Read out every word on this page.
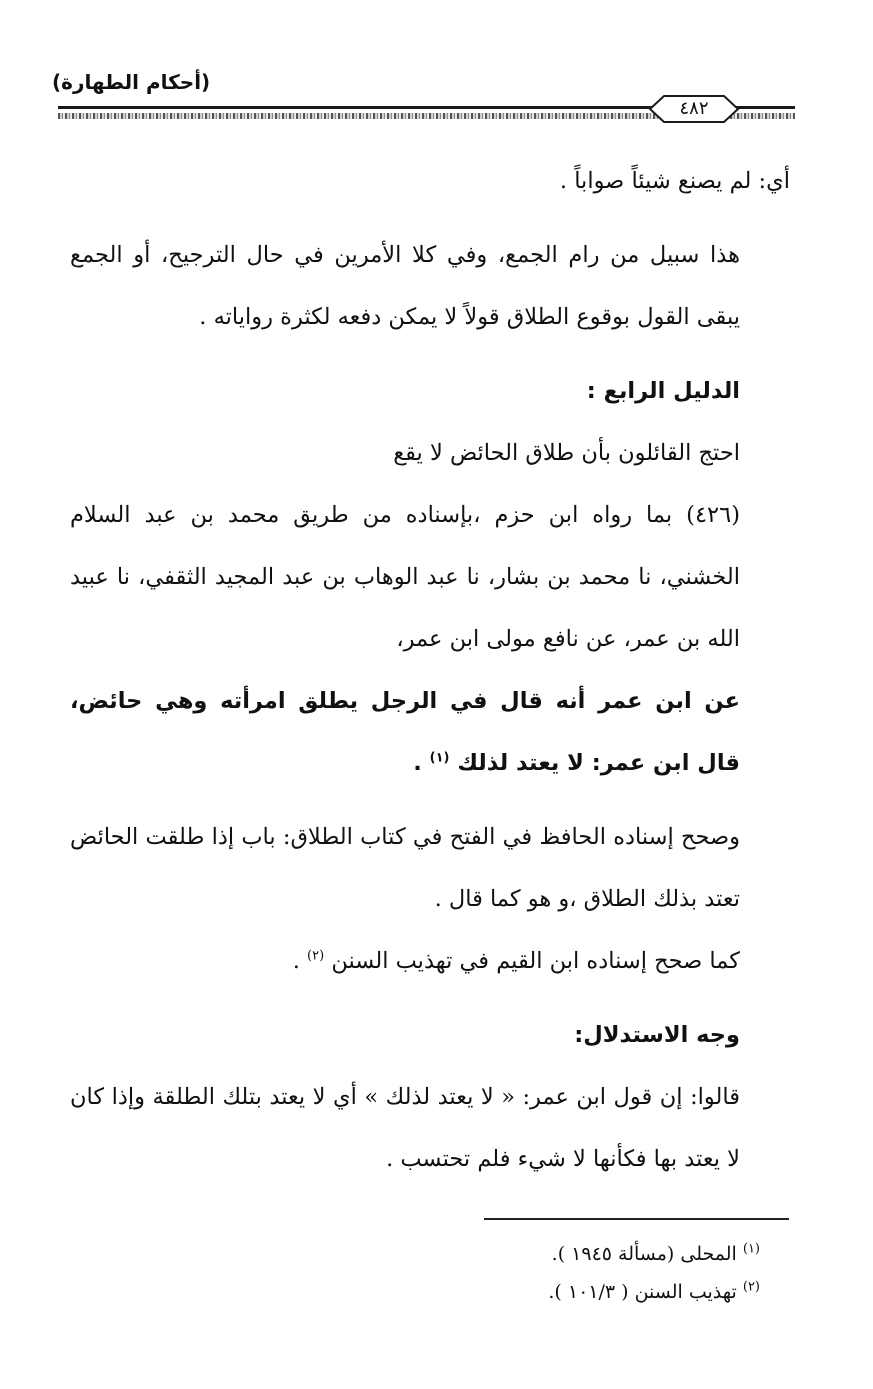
(أحكام الطهارة)
٤٨٢

أي: لم يصنع شيئاً صواباً .

هذا سبيل من رام الجمع، وفي كلا الأمرين في حال الترجيح، أو الجمع يبقى القول بوقوع الطلاق قولاً لا يمكن دفعه لكثرة رواياته .

الدليل الرابع :

احتج القائلون بأن طلاق الحائض لا يقع

(٤٢٦) بما رواه ابن حزم ،بإسناده من طريق محمد بن عبد السلام الخشني، نا محمد بن بشار، نا عبد الوهاب بن عبد المجيد الثقفي، نا عبيد الله بن عمر، عن نافع مولى ابن عمر،

عن ابن عمر أنه قال في الرجل يطلق امرأته وهي حائض، قال ابن عمر: لا يعتد لذلك $^{(١)}$ .

وصحح إسناده الحافظ في الفتح في كتاب الطلاق: باب إذا طلقت الحائض تعتد بذلك الطلاق ،و هو كما قال .

كما صحح إسناده ابن القيم في تهذيب السنن $^{(٢)}$ .

وجه الاستدلال:

قالوا: إن قول ابن عمر: « لا يعتد لذلك » أي لا يعتد بتلك الطلقة وإذا كان لا يعتد بها فكأنها لا شيء فلم تحتسب .

$^{(١)}$ المحلى (مسألة ١٩٤٥ ).

$^{(٢)}$ تهذيب السنن ( ١٠١/٣ ).
